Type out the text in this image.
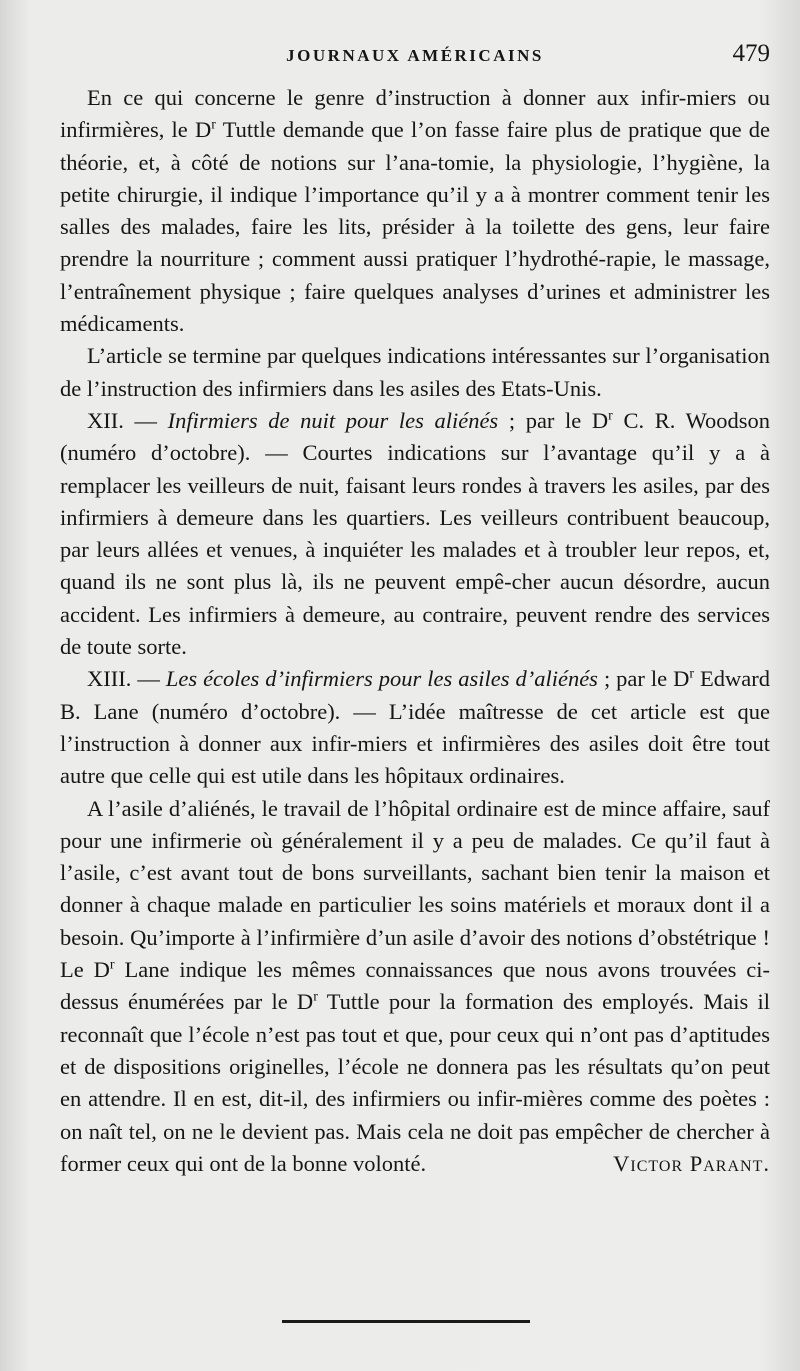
JOURNAUX AMÉRICAINS	479

En ce qui concerne le genre d’instruction à donner aux infir-miers ou infirmières, le $D^r$ Tuttle demande que l’on fasse faire plus de pratique que de théorie, et, à côté de notions sur l’ana-tomie, la physiologie, l’hygiène, la petite chirurgie, il indique l’importance qu’il y a à montrer comment tenir les salles des malades, faire les lits, présider à la toilette des gens, leur faire prendre la nourriture ; comment aussi pratiquer l’hydrothé-rapie, le massage, l’entraînement physique ; faire quelques analyses d’urines et administrer les médicaments.

L’article se termine par quelques indications intéressantes sur l’organisation de l’instruction des infirmiers dans les asiles des Etats-Unis.

XII. — Infirmiers de nuit pour les aliénés ; par le $D^r$ C. R. Woodson (numéro d’octobre). — Courtes indications sur l’avantage qu’il y a à remplacer les veilleurs de nuit, faisant leurs rondes à travers les asiles, par des infirmiers à demeure dans les quartiers. Les veilleurs contribuent beaucoup, par leurs allées et venues, à inquiéter les malades et à troubler leur repos, et, quand ils ne sont plus là, ils ne peuvent empê-cher aucun désordre, aucun accident. Les infirmiers à demeure, au contraire, peuvent rendre des services de toute sorte.

XIII. — Les écoles d’infirmiers pour les asiles d’aliénés ; par le $D^r$ Edward B. Lane (numéro d’octobre). — L’idée maîtresse de cet article est que l’instruction à donner aux infir-miers et infirmières des asiles doit être tout autre que celle qui est utile dans les hôpitaux ordinaires.

A l’asile d’aliénés, le travail de l’hôpital ordinaire est de mince affaire, sauf pour une infirmerie où généralement il y a peu de malades. Ce qu’il faut à l’asile, c’est avant tout de bons surveillants, sachant bien tenir la maison et donner à chaque malade en particulier les soins matériels et moraux dont il a besoin. Qu’importe à l’infirmière d’un asile d’avoir des notions d’obstétrique ! Le $D^r$ Lane indique les mêmes connaissances que nous avons trouvées ci-dessus énumérées par le $D^r$ Tuttle pour la formation des employés. Mais il reconnaît que l’école n’est pas tout et que, pour ceux qui n’ont pas d’aptitudes et de dispositions originelles, l’école ne donnera pas les résultats qu’on peut en attendre. Il en est, dit-il, des infirmiers ou infir-mières comme des poètes : on naît tel, on ne le devient pas. Mais cela ne doit pas empêcher de chercher à former ceux qui ont de la bonne volonté.	Victor Parant.
